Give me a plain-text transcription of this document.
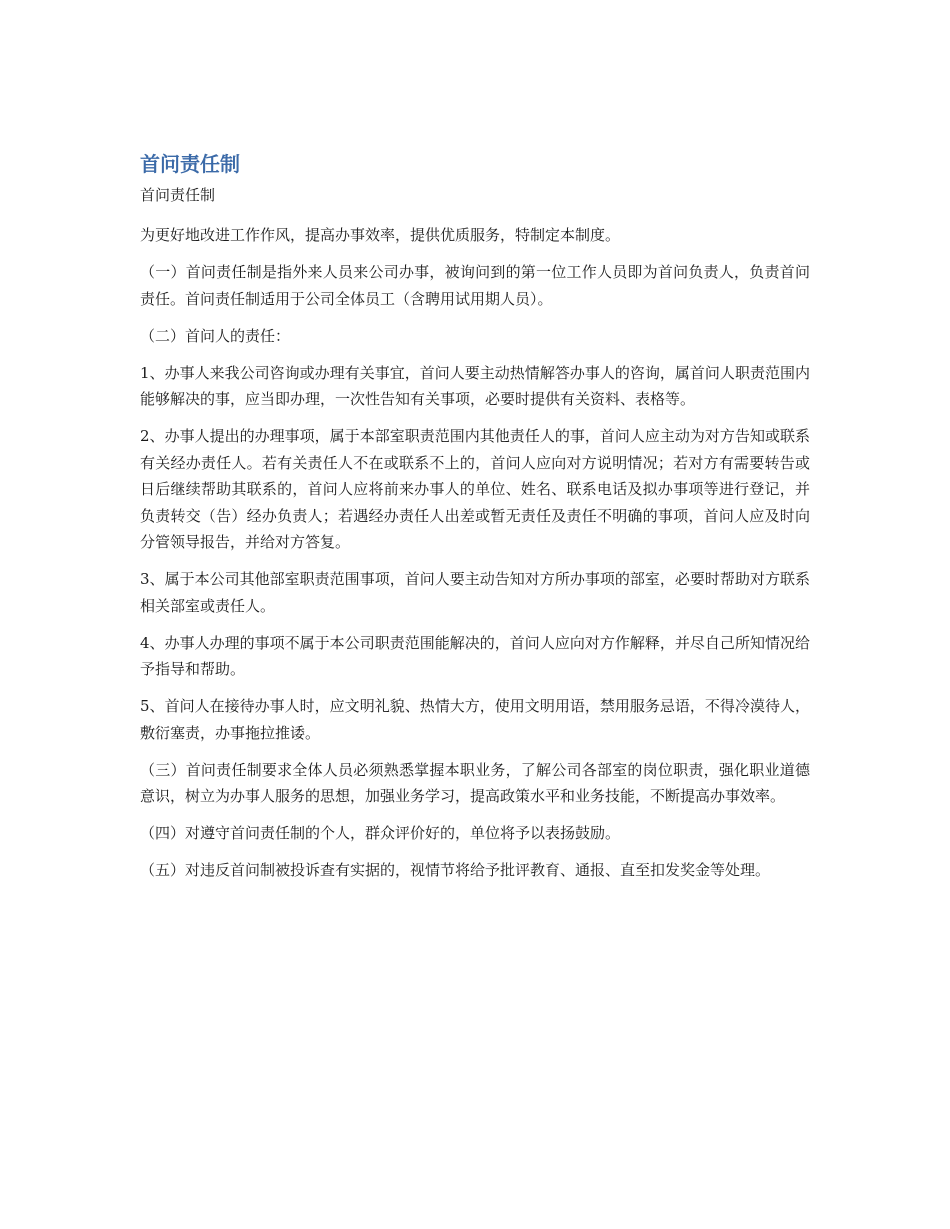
首问责任制
首问责任制

为更好地改进工作作风，提高办事效率，提供优质服务，特制定本制度。

（一）首问责任制是指外来人员来公司办事，被询问到的第一位工作人员即为首问负责人，负责首问责任。首问责任制适用于公司全体员工（含聘用试用期人员）。

（二）首问人的责任：

1、办事人来我公司咨询或办理有关事宜，首问人要主动热情解答办事人的咨询，属首问人职责范围内能够解决的事，应当即办理，一次性告知有关事项，必要时提供有关资料、表格等。

2、办事人提出的办理事项，属于本部室职责范围内其他责任人的事，首问人应主动为对方告知或联系有关经办责任人。若有关责任人不在或联系不上的，首问人应向对方说明情况；若对方有需要转告或日后继续帮助其联系的，首问人应将前来办事人的单位、姓名、联系电话及拟办事项等进行登记，并负责转交（告）经办负责人；若遇经办责任人出差或暂无责任及责任不明确的事项，首问人应及时向分管领导报告，并给对方答复。

3、属于本公司其他部室职责范围事项，首问人要主动告知对方所办事项的部室，必要时帮助对方联系相关部室或责任人。

4、办事人办理的事项不属于本公司职责范围能解决的，首问人应向对方作解释，并尽自己所知情况给予指导和帮助。

5、首问人在接待办事人时，应文明礼貌、热情大方，使用文明用语，禁用服务忌语，不得冷漠待人，敷衍塞责，办事拖拉推诿。

（三）首问责任制要求全体人员必须熟悉掌握本职业务，了解公司各部室的岗位职责，强化职业道德意识，树立为办事人服务的思想，加强业务学习，提高政策水平和业务技能，不断提高办事效率。

（四）对遵守首问责任制的个人，群众评价好的，单位将予以表扬鼓励。

（五）对违反首问制被投诉查有实据的，视情节将给予批评教育、通报、直至扣发奖金等处理。
